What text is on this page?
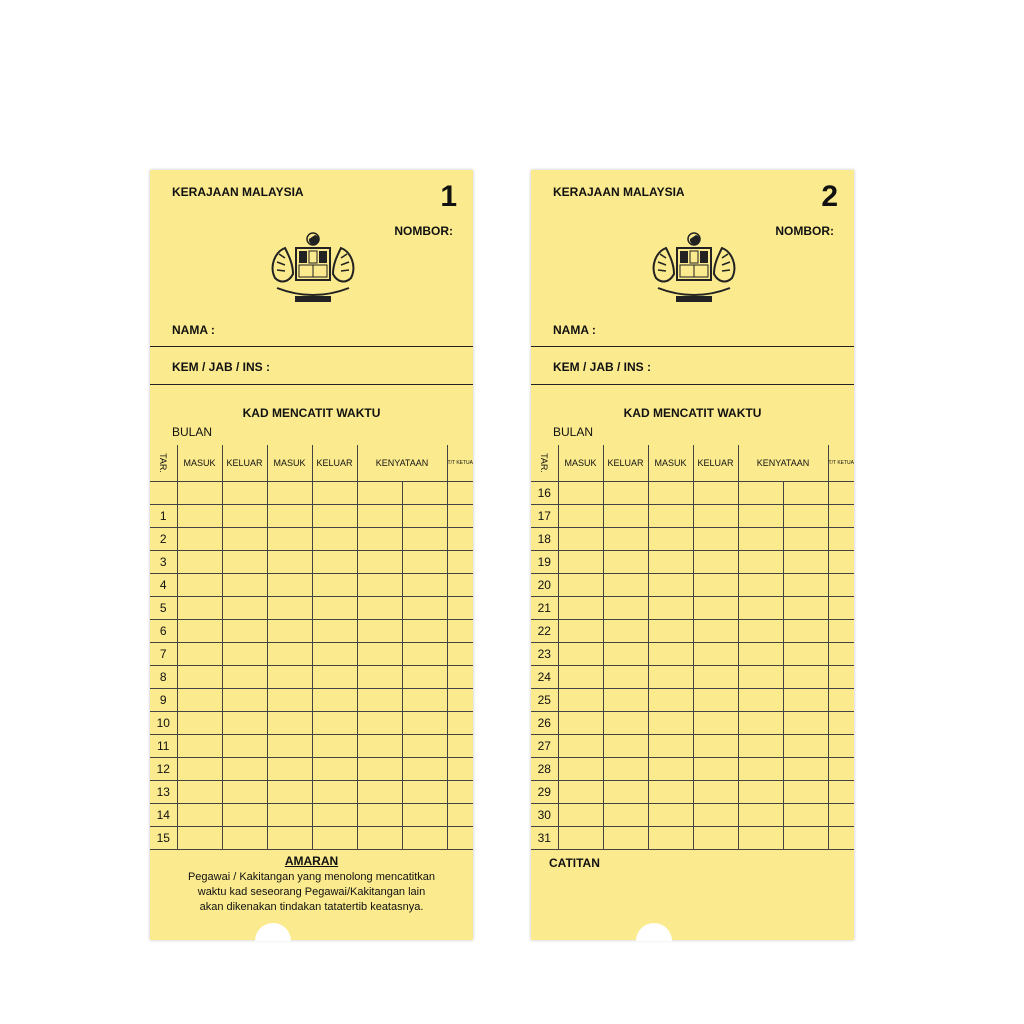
KERAJAAN MALAYSIA	1
NOMBOR:
NAMA :
KEM / JAB / INS :
KAD MENCATIT WAKTU
BULAN
TAR.	MASUK	KELUAR	MASUK	KELUAR	KENYATAAN		T/T KETUA

1							
2							
3							
4							
5							
6							
7							
8							
9							
10							
11							
12							
13							
14							
15							
AMARAN
Pegawai / Kakitangan yang menolong mencatitkan
waktu kad seseorang Pegawai/Kakitangan lain
akan dikenakan tindakan tatatertib keatasnya.
KERAJAAN MALAYSIA	2
NOMBOR:
NAMA :
KEM / JAB / INS :
KAD MENCATIT WAKTU
BULAN
TAR.	MASUK	KELUAR	MASUK	KELUAR	KENYATAAN		T/T KETUA
16							
17							
18							
19							
20							
21							
22							
23							
24							
25							
26							
27							
28							
29							
30							
31							
CATITAN
